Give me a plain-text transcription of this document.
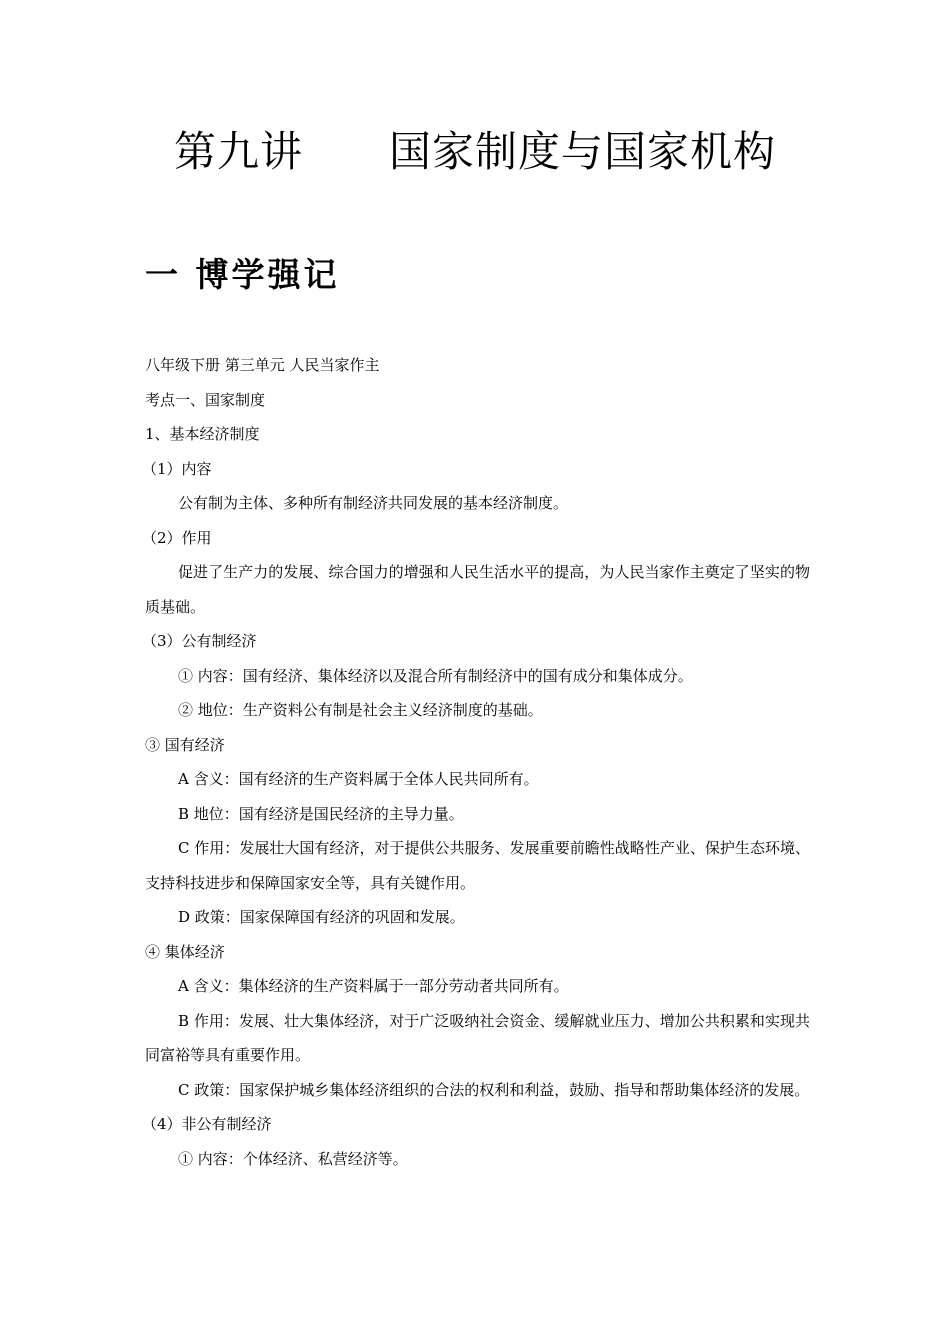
第九讲      国家制度与国家机构
一 博学强记

八年级下册 第三单元 人民当家作主

考点一、国家制度

1、基本经济制度

（1）内容

公有制为主体、多种所有制经济共同发展的基本经济制度。

（2）作用

促进了生产力的发展、综合国力的增强和人民生活水平的提高，为人民当家作主奠定了坚实的物质基础。

（3）公有制经济

① 内容：国有经济、集体经济以及混合所有制经济中的国有成分和集体成分。

② 地位：生产资料公有制是社会主义经济制度的基础。

③ 国有经济

A 含义：国有经济的生产资料属于全体人民共同所有。

B 地位：国有经济是国民经济的主导力量。

C 作用：发展壮大国有经济，对于提供公共服务、发展重要前瞻性战略性产业、保护生态环境、支持科技进步和保障国家安全等，具有关键作用。

D 政策：国家保障国有经济的巩固和发展。

④ 集体经济

A 含义：集体经济的生产资料属于一部分劳动者共同所有。

B 作用：发展、壮大集体经济，对于广泛吸纳社会资金、缓解就业压力、增加公共积累和实现共同富裕等具有重要作用。

C 政策：国家保护城乡集体经济组织的合法的权利和利益，鼓励、指导和帮助集体经济的发展。

（4）非公有制经济

① 内容：个体经济、私营经济等。
